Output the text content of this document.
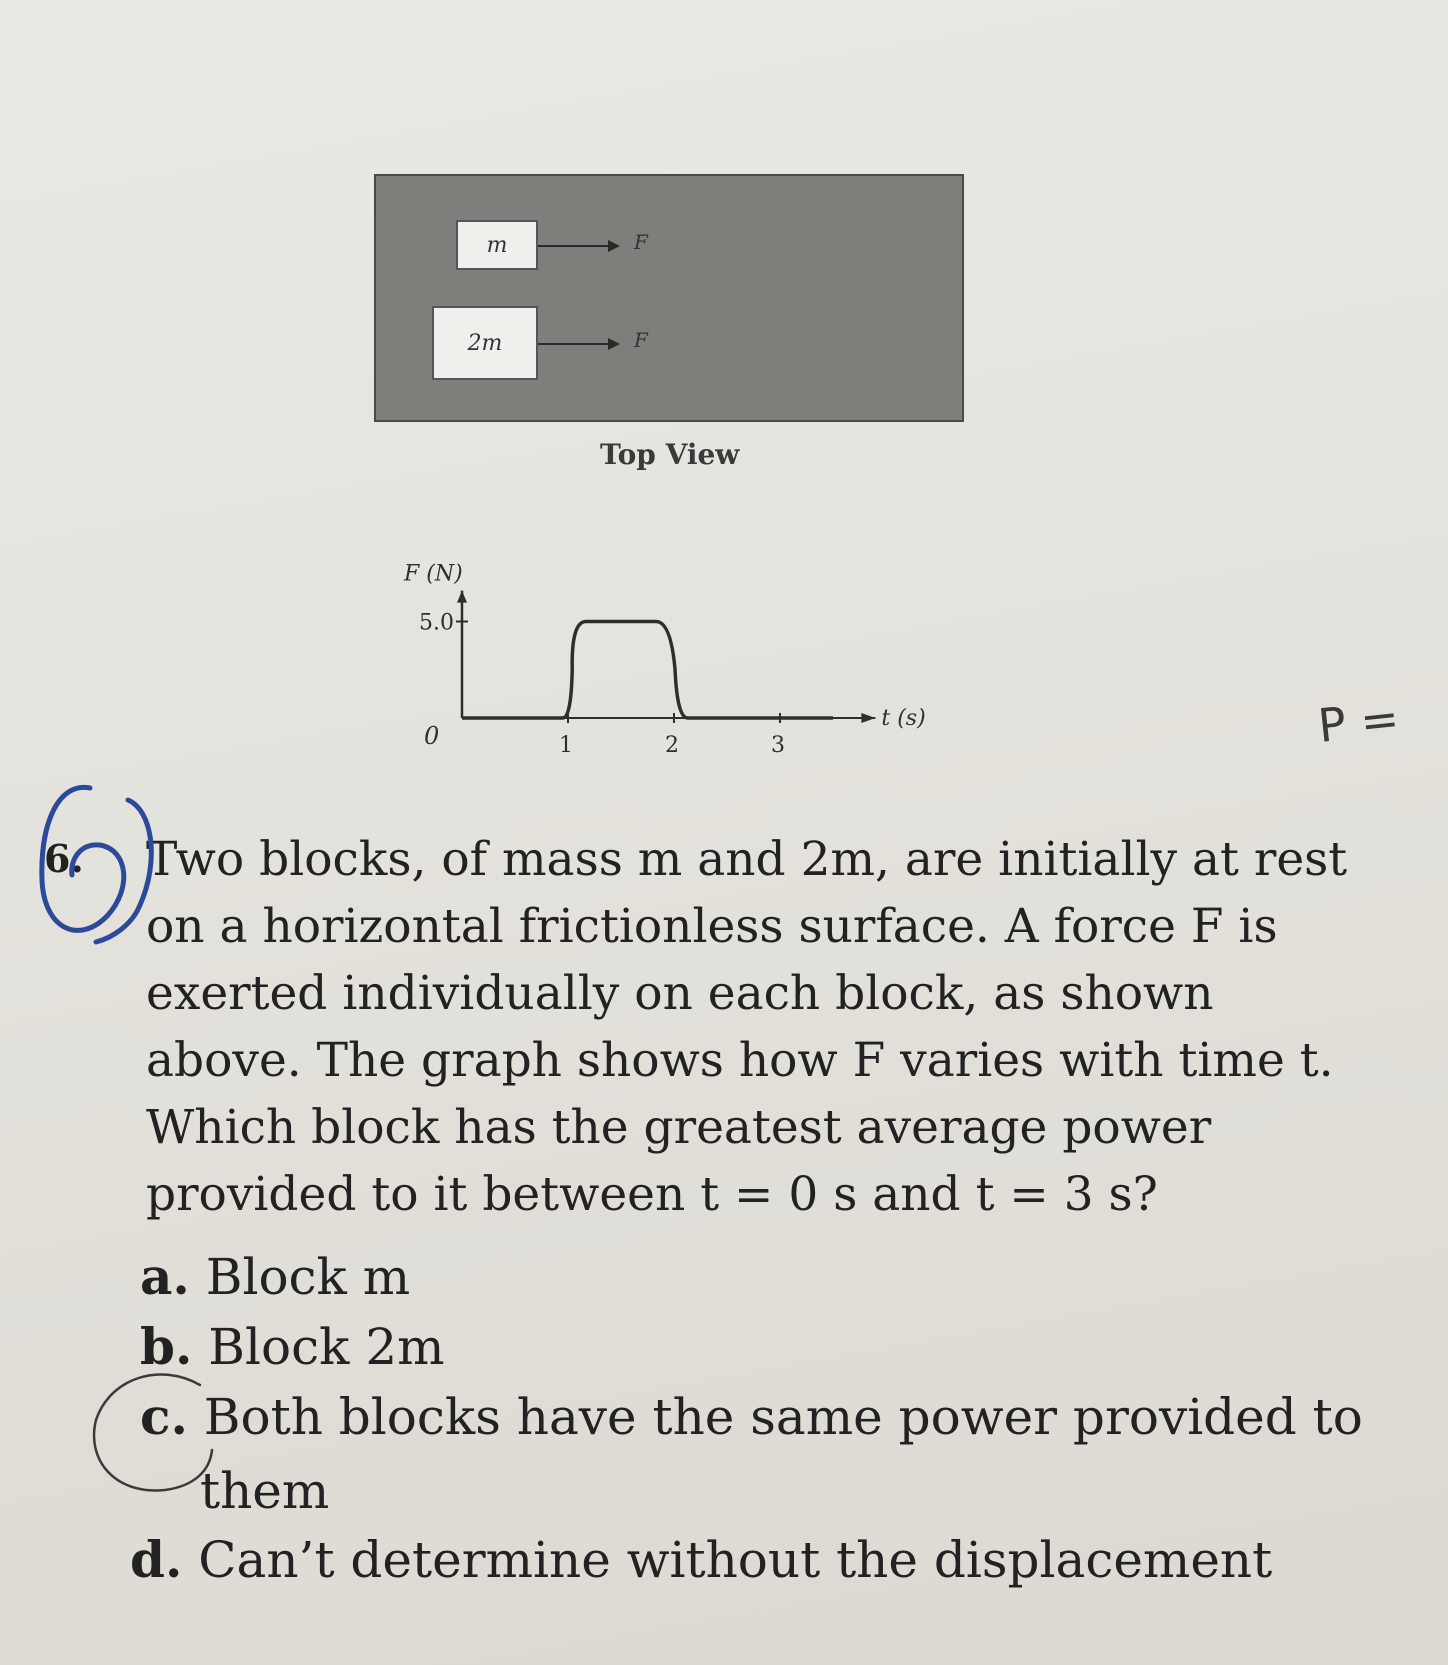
m	F
2m	F
Top View
F (N)
t (s)
0
5.0
1	2	3
6. Two blocks, of mass m and 2m, are initially at rest
on a horizontal frictionless surface. A force F is
exerted individually on each block, as shown
above. The graph shows how F varies with time t.
Which block has the greatest average power
provided to it between t = 0 s and t = 3 s?
a. Block m
b. Block 2m
c. Both blocks have the same power provided to
them
d. Can’t determine without the displacement
P =
